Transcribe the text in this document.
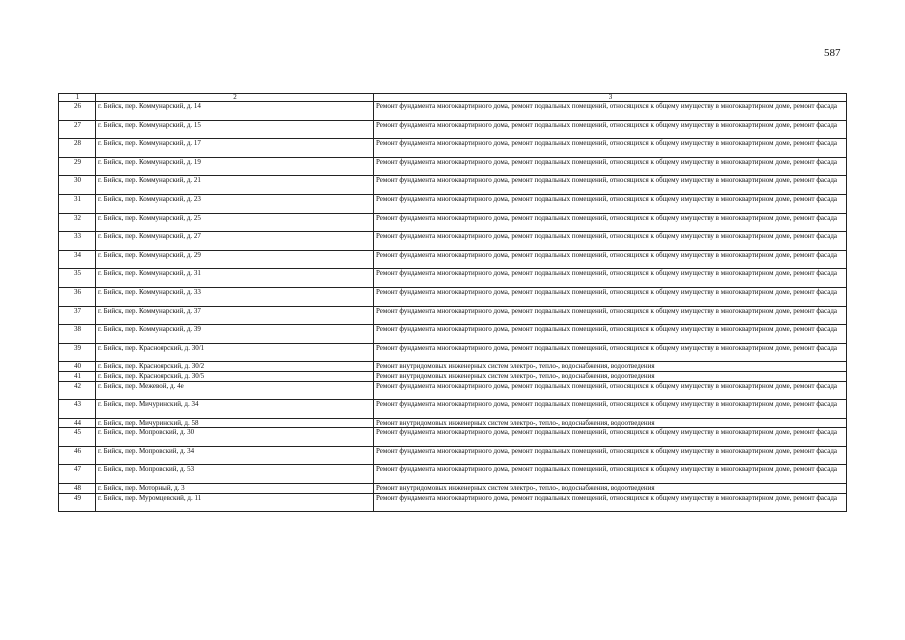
587
1	2	3
26	г. Бийск, пер. Коммунарский, д. 14	Ремонт фундамента многоквартирного дома, ремонт подвальных помещений, относящихся к общему имуществу в многоквартирном доме, ремонт фасада
27	г. Бийск, пер. Коммунарский, д. 15	Ремонт фундамента многоквартирного дома, ремонт подвальных помещений, относящихся к общему имуществу в многоквартирном доме, ремонт фасада
28	г. Бийск, пер. Коммунарский, д. 17	Ремонт фундамента многоквартирного дома, ремонт подвальных помещений, относящихся к общему имуществу в многоквартирном доме, ремонт фасада
29	г. Бийск, пер. Коммунарский, д. 19	Ремонт фундамента многоквартирного дома, ремонт подвальных помещений, относящихся к общему имуществу в многоквартирном доме, ремонт фасада
30	г. Бийск, пер. Коммунарский, д. 21	Ремонт фундамента многоквартирного дома, ремонт подвальных помещений, относящихся к общему имуществу в многоквартирном доме, ремонт фасада
31	г. Бийск, пер. Коммунарский, д. 23	Ремонт фундамента многоквартирного дома, ремонт подвальных помещений, относящихся к общему имуществу в многоквартирном доме, ремонт фасада
32	г. Бийск, пер. Коммунарский, д. 25	Ремонт фундамента многоквартирного дома, ремонт подвальных помещений, относящихся к общему имуществу в многоквартирном доме, ремонт фасада
33	г. Бийск, пер. Коммунарский, д. 27	Ремонт фундамента многоквартирного дома, ремонт подвальных помещений, относящихся к общему имуществу в многоквартирном доме, ремонт фасада
34	г. Бийск, пер. Коммунарский, д. 29	Ремонт фундамента многоквартирного дома, ремонт подвальных помещений, относящихся к общему имуществу в многоквартирном доме, ремонт фасада
35	г. Бийск, пер. Коммунарский, д. 31	Ремонт фундамента многоквартирного дома, ремонт подвальных помещений, относящихся к общему имуществу в многоквартирном доме, ремонт фасада
36	г. Бийск, пер. Коммунарский, д. 33	Ремонт фундамента многоквартирного дома, ремонт подвальных помещений, относящихся к общему имуществу в многоквартирном доме, ремонт фасада
37	г. Бийск, пер. Коммунарский, д. 37	Ремонт фундамента многоквартирного дома, ремонт подвальных помещений, относящихся к общему имуществу в многоквартирном доме, ремонт фасада
38	г. Бийск, пер. Коммунарский, д. 39	Ремонт фундамента многоквартирного дома, ремонт подвальных помещений, относящихся к общему имуществу в многоквартирном доме, ремонт фасада
39	г. Бийск, пер. Красноярский, д. 30/1	Ремонт фундамента многоквартирного дома, ремонт подвальных помещений, относящихся к общему имуществу в многоквартирном доме, ремонт фасада
40	г. Бийск, пер. Красноярский, д. 30/2	Ремонт внутридомовых инженерных систем электро-, тепло-, водоснабжения, водоотведения
41	г. Бийск, пер. Красноярский, д. 30/5	Ремонт внутридомовых инженерных систем электро-, тепло-, водоснабжения, водоотведения
42	г. Бийск, пер. Межевой, д. 4е	Ремонт фундамента многоквартирного дома, ремонт подвальных помещений, относящихся к общему имуществу в многоквартирном доме, ремонт фасада
43	г. Бийск, пер. Мичуринский, д. 34	Ремонт фундамента многоквартирного дома, ремонт подвальных помещений, относящихся к общему имуществу в многоквартирном доме, ремонт фасада
44	г. Бийск, пер. Мичуринский, д. 58	Ремонт внутридомовых инженерных систем электро-, тепло-, водоснабжения, водоотведения
45	г. Бийск, пер. Мопровский, д. 30	Ремонт фундамента многоквартирного дома, ремонт подвальных помещений, относящихся к общему имуществу в многоквартирном доме, ремонт фасада
46	г. Бийск, пер. Мопровский, д. 34	Ремонт фундамента многоквартирного дома, ремонт подвальных помещений, относящихся к общему имуществу в многоквартирном доме, ремонт фасада
47	г. Бийск, пер. Мопровский, д. 53	Ремонт фундамента многоквартирного дома, ремонт подвальных помещений, относящихся к общему имуществу в многоквартирном доме, ремонт фасада
48	г. Бийск, пер. Моторный, д. 3	Ремонт внутридомовых инженерных систем электро-, тепло-, водоснабжения, водоотведения
49	г. Бийск, пер. Муромцевский, д. 11	Ремонт фундамента многоквартирного дома, ремонт подвальных помещений, относящихся к общему имуществу в многоквартирном доме, ремонт фасада
